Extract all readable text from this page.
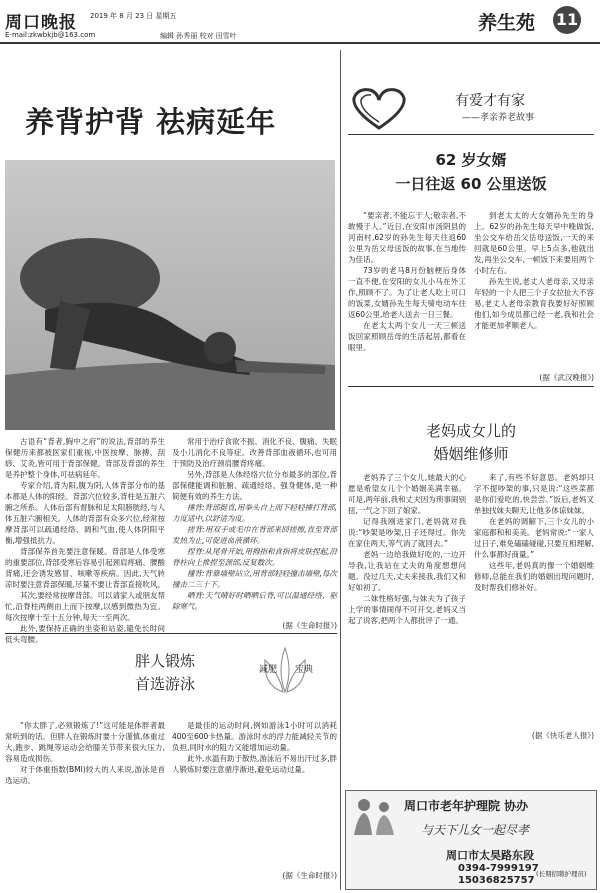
周口晚报 2019 年 8 月 23 日 星期五
E-mail:zkwbkjb@163.com	编辑 孙秀丽 校对 田雪叶
养生苑 11
养背护背 祛病延年

古语有“背者,胸中之府”的说法,背部的养生保健历来都被医家们重视,中医按摩、脉搏、刮痧、艾灸,皆可用于背部保健。背部及背部的养生是养护整个身体,可祛病延年。

专家介绍,背为阳,腹为阴,人体背部分布的基本都是人体的阳经。背部穴位较多,背柱是五脏六腑之所系。人体后部有督脉和足太阳膀胱经,与人体五脏六腑相关。人体的背部有众多穴位,经常按摩背部可以疏通经络、调和气血,使人体阴阳平衡,增强抵抗力。

背部保养首先要注意保暖。背部是人体受寒的重要部位,背部受寒后容易引起颈肩疼痛、腰酸背痛,还会诱发感冒、咳嗽等疾病。因此,天气转凉时要注意背部保暖,尽量不要让背部直接吹风。

其次,要经常按摩背部。可以请家人或朋友帮忙,沿脊柱两侧由上而下按摩,以感到微热为宜。每次按摩十至十五分钟,每天一至两次。

此外,要保持正确的坐姿和站姿,避免长时间低头弯腰。

常用于治疗食欲不振、消化不良、腹痛、失眠及小儿消化不良等症。改善背部血液循环,也可用于预防及治疗颈肩腰背疼痛。

另外,背部是人体经络穴位分布最多的部位,背部保健能调和脏腑、疏通经络、强身健体,是一种简便有效的养生方法。

捶背:背部挺直,用拳头自上而下轻轻捶打背部,力度适中,以舒适为度。

搓背:用双手或毛巾在背部来回搓擦,直至背部发热为止,可促进血液循环。

捏脊:从尾骨开始,用拇指和食指将皮肤捏起,沿脊柱向上推捏至颈部,反复数次。

撞背:背靠墙壁站立,用背部轻轻撞击墙壁,每次撞击二三十下。

晒背:天气晴好时晒晒后背,可以温通经络、驱除寒气。

(据《生命时报》)
胖人锻炼
首选游泳
减肥 宝典

“你太胖了,必须锻炼了!”这可能是体胖者最常听到的话。但胖人在锻炼时要十分谨慎,体重过大,跑步、跳绳等运动会给膝关节带来很大压力,容易造成损伤。

对于体重指数(BMI)较大的人来说,游泳是首选运动。

是最佳的运动时间,例如游泳1小时可以消耗400至600卡热量。游泳时水的浮力能减轻关节的负担,同时水的阻力又能增加运动量。

此外,水温有助于散热,游泳后不易出汗过多,胖人锻炼时要注意循序渐进,避免运动过量。

(据《生命时报》)
有爱才有家
——孝亲养老故事
62 岁女婿
一日往返 60 公里送饭

“要亲者,不能忘于人;敬亲者,不敢慢于人。”近日,在安阳市汤阴县的河南村,62岁的孙先生每天往返60公里为岳父母送饭的故事,在当地传为佳话。

73岁的老马8月份脑梗后身体一直不便,在安阳的女儿小马在外工作,照顾不了。为了让老人吃上可口的饭菜,女婿孙先生每天骑电动车往返60公里,给老人送去一日三餐。

在老太太两个女儿一天三顿送饭回家照顾岳母的生活起居,都看在眼里。

到老太太的大女婿孙先生的身上。62岁的孙先生每天早中晚做饭,坐公交车给岳父岳母送饭,一天的来回就是60公里。早上5点多,他就出发,再坐公交车,一顿饭下来要用两个小时左右。

孙先生说,老丈人老母亲,又母亲年轻的一个人把三个子女拉扯大不容易,老丈人老母亲教育我要好好照顾他们,如今成员都已经一老,我和社会才能更加孝顺老人。

(据《武汉晚报》)
老妈成女儿的
婚姻维修师

老妈养了三个女儿,她最大的心愿是希望女儿个个婚姻美满幸福。可是,两年前,我和丈夫因为琐事闹别扭,一气之下回了娘家。

记得我刚进家门,老妈就对我说:“吵架是吵架,日子还得过。你先在家住两天,等气消了就回去。”

老妈一边给我做好吃的,一边开导我,让我站在丈夫的角度想想问题。没过几天,丈夫来接我,我们又和好如初了。

二妹性格好强,与妹夫为了孩子上学的事情闹得不可开交,老妈又当起了说客,把两个人都批评了一通。

来了,有些不好意思。老妈却只字不提吵架的事,只是说:“这些菜都是你们爱吃的,快尝尝。”饭后,老妈又单独找妹夫聊天,让他多体谅妹妹。

在老妈的调解下,三个女儿的小家庭都和和美美。老妈常说:“一家人过日子,难免磕磕碰碰,只要互相理解,什么事都好商量。”

这些年,老妈真的像一个婚姻维修师,总能在我们的婚姻出现问题时,及时帮我们修补好。

(据《快乐老人报》)
周口市老年护理院 协办
与天下儿女一起尽孝
周口市太昊路东段
0394-7999197
15036825757
(长期招聘护理员)
